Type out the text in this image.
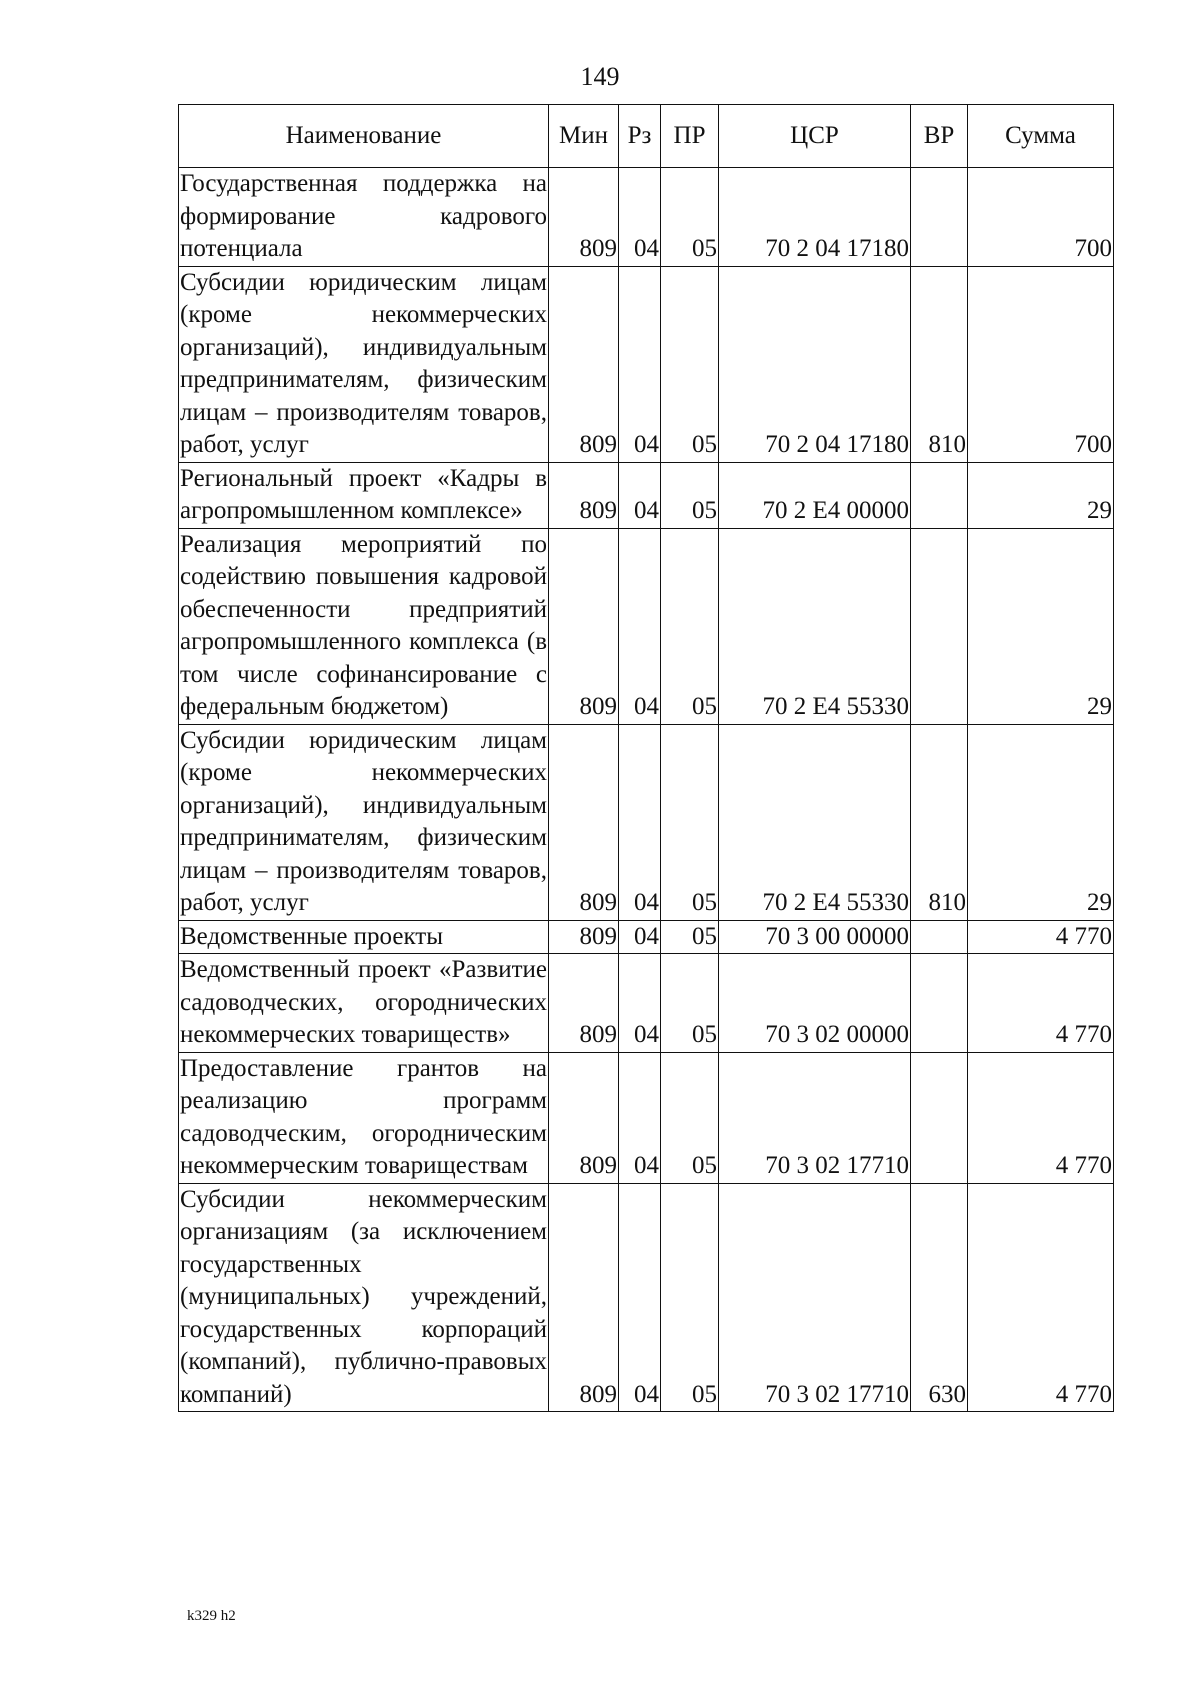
149
Наименование	Мин	Рз	ПР	ЦСР	ВР	Сумма
Государственная поддержка на формирование кадрового потенциала	809	04	05	70 2 04 17180		700
Субсидии юридическим лицам (кроме некоммерческих организаций), индивидуальным предпринимателям, физическим лицам – производителям товаров, работ, услуг	809	04	05	70 2 04 17180	810	700
Региональный проект «Кадры в агропромышленном комплексе»	809	04	05	70 2 E4 00000		29
Реализация мероприятий по содействию повышения кадровой обеспеченности предприятий агропромышленного комплекса (в том числе софинансирование с федеральным бюджетом)	809	04	05	70 2 E4 55330		29
Субсидии юридическим лицам (кроме некоммерческих организаций), индивидуальным предпринимателям, физическим лицам – производителям товаров, работ, услуг	809	04	05	70 2 E4 55330	810	29
Ведомственные проекты	809	04	05	70 3 00 00000		4 770
Ведомственный проект «Развитие садоводческих, огороднических некоммерческих товариществ»	809	04	05	70 3 02 00000		4 770
Предоставление грантов на реализацию программ садоводческим, огородническим некоммерческим товариществам	809	04	05	70 3 02 17710		4 770
Субсидии некоммерческим организациям (за исключением государственных (муниципальных) учреждений, государственных корпораций (компаний), публично-правовых компаний)	809	04	05	70 3 02 17710	630	4 770
k329 h2
